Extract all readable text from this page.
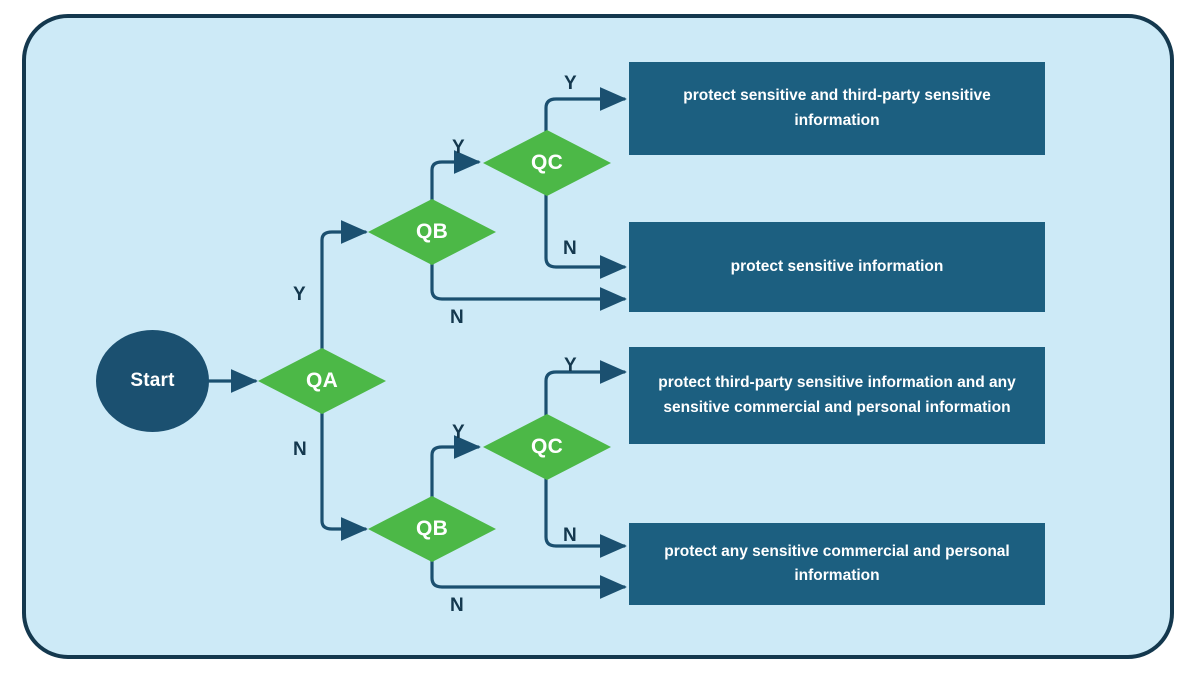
Start	QA
QB
QC
QB
QC
protect sensitive and third-party sensitive information
protect sensitive information
protect third-party sensitive information and any sensitive commercial and personal information
protect any sensitive commercial and personal information
Y
N
Y
N
Y
N
Y
N
Y
N
